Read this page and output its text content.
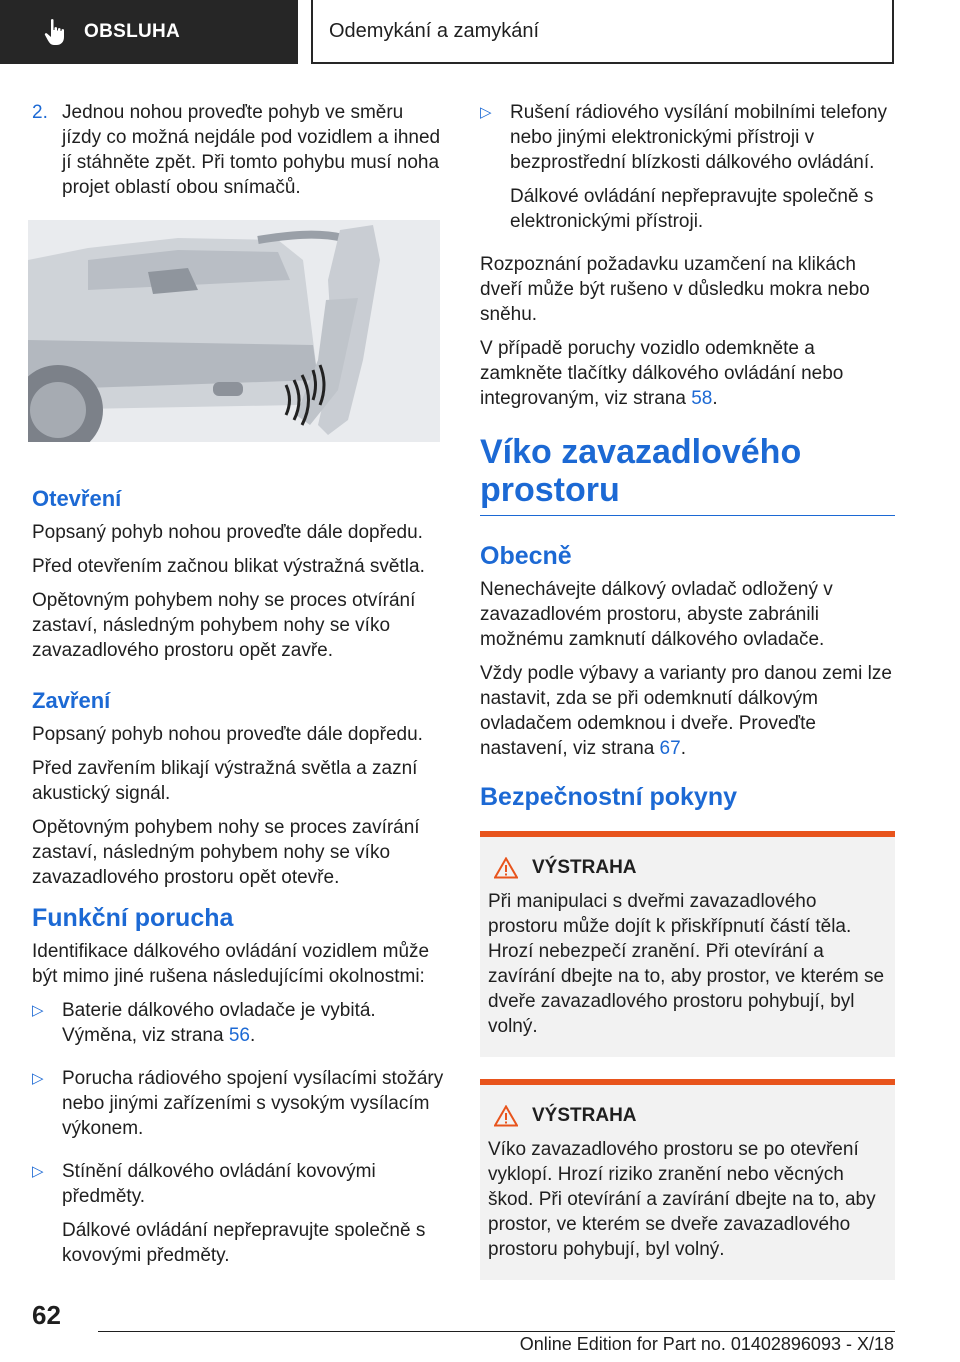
OBSLUHA	Odemykání a zamykání
2. Jednou nohou proveďte pohyb ve směru jízdy co možná nejdále pod vozidlem a ihned jí stáhněte zpět. Při tomto pohybu musí noha projet oblastí obou snímačů.
Otevření

Popsaný pohyb nohou proveďte dále dopředu.

Před otevřením začnou blikat výstražná světla.

Opětovným pohybem nohy se proces otvírání zastaví, následným pohybem nohy se víko zavazadlového prostoru opět zavře.

Zavření

Popsaný pohyb nohou proveďte dále dopředu.

Před zavřením blikají výstražná světla a zazní akustický signál.

Opětovným pohybem nohy se proces zavírání zastaví, následným pohybem nohy se víko zavazadlového prostoru opět otevře.

Funkční porucha

Identifikace dálkového ovládání vozidlem může být mimo jiné rušena následujícími okolnostmi:

▷ Baterie dálkového ovladače je vybitá. Výměna, viz strana 56.

▷ Porucha rádiového spojení vysílacími stožáry nebo jinými zařízeními s vysokým vysílacím výkonem.

▷ Stínění dálkového ovládání kovovými předměty.

Dálkové ovládání nepřepravujte společně s kovovými předměty.

▷ Rušení rádiového vysílání mobilními telefony nebo jinými elektronickými přístroji v bezprostřední blízkosti dálkového ovládání.

Dálkové ovládání nepřepravujte společně s elektronickými přístroji.

Rozpoznání požadavku uzamčení na klikách dveří může být rušeno v důsledku mokra nebo sněhu.

V případě poruchy vozidlo odemkněte a zamkněte tlačítky dálkového ovládání nebo integrovaným, viz strana 58.

Víko zavazadlového prostoru
Obecně

Nenechávejte dálkový ovladač odložený v zavazadlovém prostoru, abyste zabránili možnému zamknutí dálkového ovladače.

Vždy podle výbavy a varianty pro danou zemi lze nastavit, zda se při odemknutí dálkovým ovladačem odemknou i dveře. Proveďte nastavení, viz strana 67.

Bezpečnostní pokyny
VÝSTRAHA

Při manipulaci s dveřmi zavazadlového prostoru může dojít k přiskřípnutí částí těla. Hrozí nebezpečí zranění. Při otevírání a zavírání dbejte na to, aby prostor, ve kterém se dveře zavazadlového prostoru pohybují, byl volný.

VÝSTRAHA

Víko zavazadlového prostoru se po otevření vyklopí. Hrozí riziko zranění nebo věcných škod. Při otevírání a zavírání dbejte na to, aby prostor, ve kterém se dveře zavazadlového prostoru pohybují, byl volný.

62
Online Edition for Part no. 01402896093 - X/18
